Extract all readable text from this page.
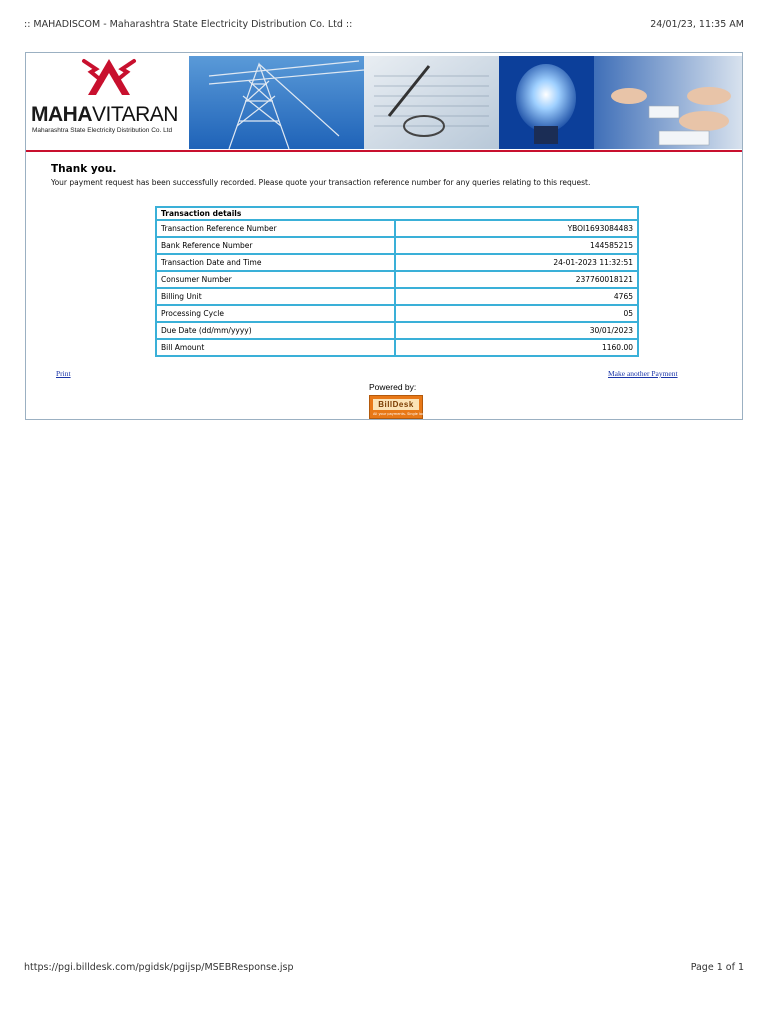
:: MAHADISCOM - Maharashtra State Electricity Distribution Co. Ltd ::	24/01/23, 11:35 AM
MAHAVITARAN
Maharashtra State Electricity Distribution Co. Ltd
Thank you.
Your payment request has been successfully recorded. Please quote your transaction reference number for any queries relating to this request.
Transaction details	
Transaction Reference Number	YBOI1693084483
Bank Reference Number	144585215
Transaction Date and Time	24-01-2023 11:32:51
Consumer Number	237760018121
Billing Unit	4765
Processing Cycle	05
Due Date (dd/mm/yyyy)	30/01/2023
Bill Amount	1160.00
Print	Make another Payment
Powered by:
BillDesk
All your payments. Single location
https://pgi.billdesk.com/pgidsk/pgijsp/MSEBResponse.jsp	Page 1 of 1
